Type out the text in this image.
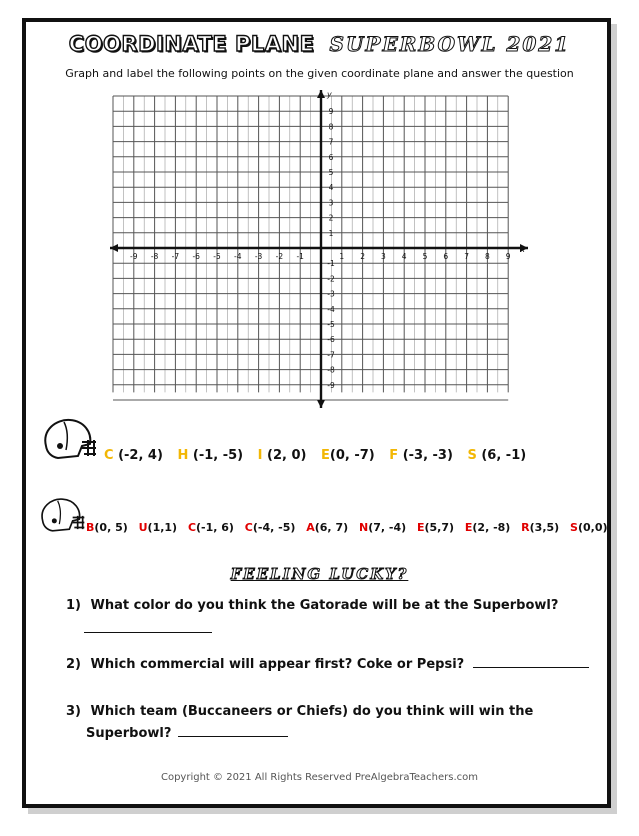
COORDINATE PLANE SUPERBOWL 2021
Graph and label the following points on the given coordinate plane and answer the question
-9 -8 -7 -6 -5 -4 -3 -2 -1	1 2 3 4 5 6 7 8 9
-9
-8
-7
-6
-5
-4
-3
-2
-1
1
2
3
4
5
6
7
8
9
x
y
C (-2, 4) H (-1, -5) I (2, 0) E(0, -7) F (-3, -3) S (6, -1)
B(0, 5) U(1,1) C(-1, 6) C(-4, -5) A(6, 7) N(7, -4) E(5,7) E(2, -8) R(3,5) S(0,0)
FEELING LUCKY?
1) What color do you think the Gatorade will be at the Superbowl?
2) Which commercial will appear first? Coke or Pepsi?
3) Which team (Buccaneers or Chiefs) do you think will win the
Superbowl?
Copyright © 2021 All Rights Reserved PreAlgebraTeachers.com
